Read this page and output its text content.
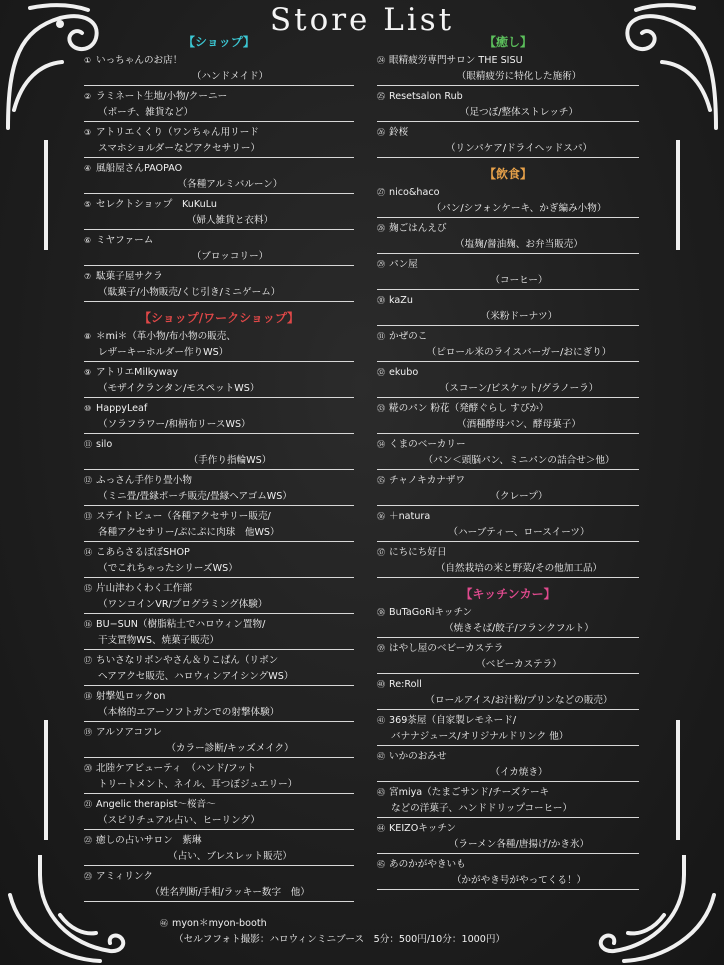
Store List
【ショップ】
① いっちゃんのお店！
（ハンドメイド）
② ラミネート生地/小物/クーニー
（ポーチ、雑貨など）
③ アトリエくくり（ワンちゃん用リード
スマホショルダーなどアクセサリー）
④ 風船屋さんPAOPAO
（各種アルミバルーン）
⑤ セレクトショップ　KuKuLu
（婦人雑貨と衣料）
⑥ ミヤファーム
（ブロッコリー）
⑦ 駄菓子屋サクラ
（駄菓子/小物販売/くじ引き/ミニゲーム）
【ショップ/ワークショップ】
⑧ ＊mi＊（革小物/布小物の販売、
レザーキーホルダー作りWS）
⑨ アトリエMilkyway
（モザイクランタン/モスペットWS）
⑩ HappyLeaf
（ソラフラワー/和柄布リースWS）
⑪ silo
（手作り指輪WS）
⑫ ふっさん手作り畳小物
（ミニ畳/畳縁ポーチ販売/畳縁ヘアゴムWS）
⑬ ステイトビュー（各種アクセサリー販売/
各種アクセサリー/ぷにぷに肉球　他WS）
⑭ こあらさるぼぼSHOP
（でこれちゃったシリーズWS）
⑮ 片山津わくわく工作部
（ワンコインVR/プログラミング体験）
⑯ BU−SUN（樹脂粘土でハロウィン置物/
干支置物WS、焼菓子販売）
⑰ ちいさなリボンやさん＆りこぱん（リボン
ヘアアクセ販売、ハロウィンアイシングWS）
⑱ 射撃処ロックon
（本格的エアーソフトガンでの射撃体験）
⑲ アルソアコフレ
（カラー診断/キッズメイク）
⑳ 北陸ケアビューティ　（ハンド/フット
トリートメント、ネイル、耳つぼジュエリー）
㉑ Angelic therapist〜桜音〜
（スピリチュアル占い、ヒーリング）
㉒ 癒しの占いサロン　紫琳
（占い、ブレスレット販売）
㉓ アミィリンク
（姓名判断/手相/ラッキー数字　他）
【癒し】
㉔ 眼精疲労専門サロン THE SISU
（眼精疲労に特化した施術）
㉕ Resetsalon Rub
（足つぼ/整体ストレッチ）
㉖ 鈴桜
（リンパケア/ドライヘッドスパ）
【飲食】
㉗ nico&haco
（パン/シフォンケーキ、かぎ編み小物）
㉘ 麹ごはんえび
（塩麹/醤油麹、お弁当販売）
㉙ パン屋
（コーヒー）
㉚ kaZu
（米粉ドーナツ）
㉛ かぜのこ
（ピロール米のライスバーガー/おにぎり）
㉜ ekubo
（スコーン/ビスケット/グラノーラ）
㉝ 糀のパン 粉花（発酵ぐらし すぴか）
（酒種酵母パン、酵母菓子）
㉞ くまのベーカリー
（パン＜頭脳パン、ミニパンの詰合せ＞他）
㉟ チャノキカナザワ
（クレープ）
㊱ ＋natura
（ハーブティー、ロースイーツ）
㊲ にちにち好日
（自然栽培の米と野菜/その他加工品）
【キッチンカー】
㊳ BuTaGoRiキッチン
（焼きそば/餃子/フランクフルト）
㊴ はやし屋のベビーカステラ
（ベビーカステラ）
㊵ Re:Roll
（ロールアイス/お汁粉/プリンなどの販売）
㊶ 369茶屋（自家製レモネード/
バナナジュース/オリジナルドリンク 他）
㊷ いかのおみせ
（イカ焼き）
㊸ 宮miya（たまごサンド/チーズケーキ
などの洋菓子、ハンドドリップコーヒー）
㊹ KEIZOキッチン
（ラーメン各種/唐揚げ/かき氷）
㊺ あのかがやきいも
（かがやき号がやってくる！）
㊻ myon＊myon-booth
（セルフフォト撮影：ハロウィンミニブース　5分：500円/10分：1000円）
